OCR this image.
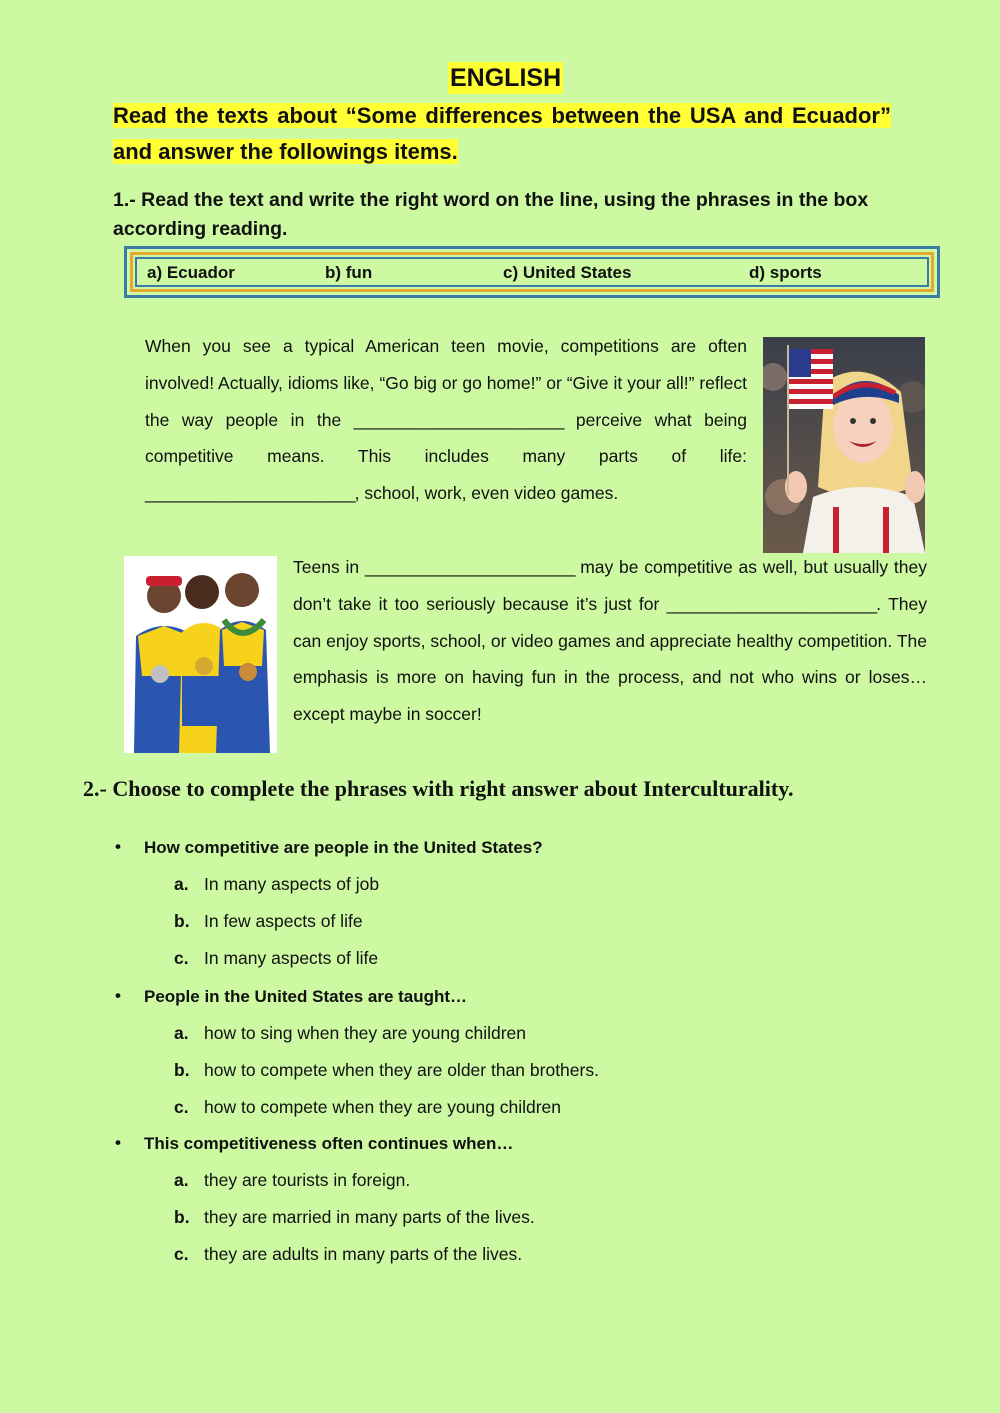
ENGLISH
Read the texts about “Some differences between the USA and Ecuador” and answer the followings items.
1.- Read the text and write the right word on the line, using the phrases in the box according reading.
a) Ecuador	b) fun	c) United States	d) sports
When you see a typical American teen movie, competitions are often involved! Actually, idioms like, “Go big or go home!” or “Give it your all!” reflect the way people in the ________________________ perceive what being competitive means. This includes many parts of life: ________________________, school, work, even video games.
Teens in ________________________ may be competitive as well, but usually they don’t take it too seriously because it’s just for ________________________. They can enjoy sports, school, or video games and appreciate healthy competition. The emphasis is more on having fun in the process, and not who wins or loses… except maybe in soccer!
2.- Choose to complete the phrases with right answer about Interculturality.
• How competitive are people in the United States?
a. In many aspects of job
b. In few aspects of life
c. In many aspects of life
• People in the United States are taught…
a. how to sing when they are young children
b. how to compete when they are older than brothers.
c. how to compete when they are young children
• This competitiveness often continues when…
a. they are tourists in foreign.
b. they are married in many parts of the lives.
c. they are adults in many parts of the lives.
